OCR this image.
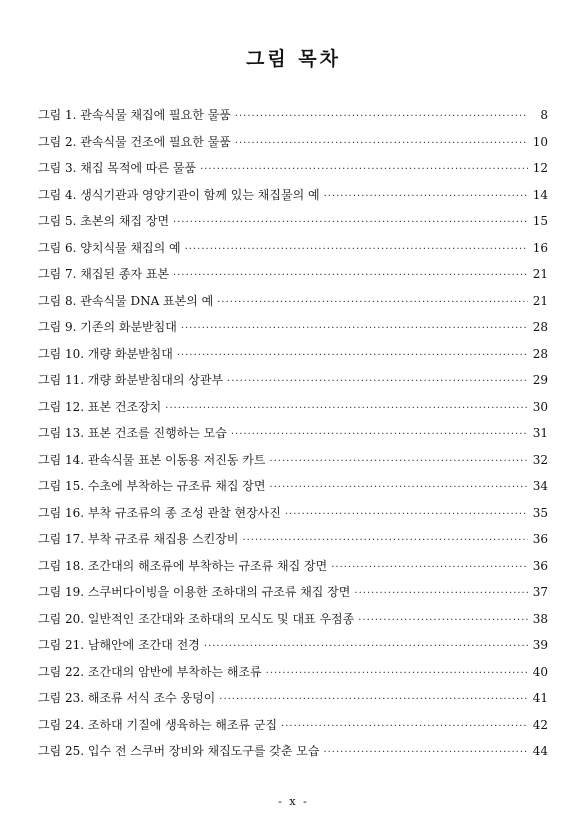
그림 목차
그림 1. 관속식물 채집에 필요한 물품 ·····	8
그림 2. 관속식물 건조에 필요한 물품 ·····	10
그림 3. 채집 목적에 따른 물품 ·····	12
그림 4. 생식기관과 영양기관이 함께 있는 채집물의 예 ·····	14
그림 5. 초본의 채집 장면 ·····	15
그림 6. 양치식물 채집의 예 ·····	16
그림 7. 채집된 종자 표본 ·····	21
그림 8. 관속식물 DNA 표본의 예 ·····	21
그림 9. 기존의 화분받침대 ·····	28
그림 10. 개량 화분받침대 ·····	28
그림 11. 개량 화분받침대의 상관부 ·····	29
그림 12. 표본 건조장치 ·····	30
그림 13. 표본 건조를 진행하는 모습 ·····	31
그림 14. 관속식물 표본 이동용 저진동 카트 ·····	32
그림 15. 수초에 부착하는 규조류 채집 장면 ·····	34
그림 16. 부착 규조류의 종 조성 관찰 현장사진 ·····	35
그림 17. 부착 규조류 채집용 스킨장비 ·····	36
그림 18. 조간대의 해조류에 부착하는 규조류 채집 장면 ·····	36
그림 19. 스쿠버다이빙을 이용한 조하대의 규조류 채집 장면 ·····	37
그림 20. 일반적인 조간대와 조하대의 모식도 및 대표 우점종 ·····	38
그림 21. 남해안에 조간대 전경 ·····	39
그림 22. 조간대의 암반에 부착하는 해조류 ·····	40
그림 23. 해조류 서식 조수 웅덩이 ·····	41
그림 24. 조하대 기질에 생육하는 해조류 군집 ·····	42
그림 25. 입수 전 스쿠버 장비와 채집도구를 갖춘 모습 ·····	44
- x -
